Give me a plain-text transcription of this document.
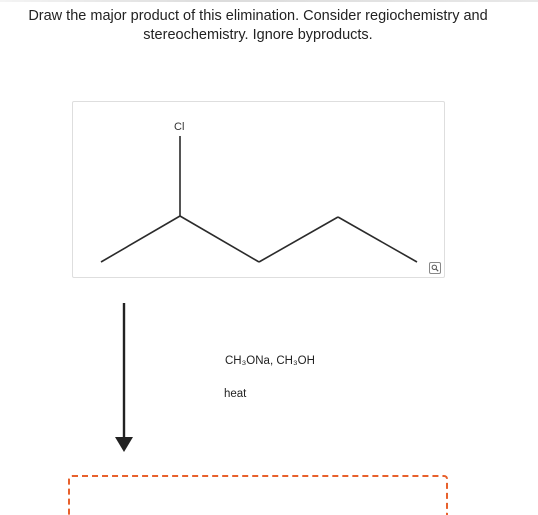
Draw the major product of this elimination. Consider regiochemistry and
stereochemistry. Ignore byproducts.
Cl
CH₃ONa, CH₃OH
heat
